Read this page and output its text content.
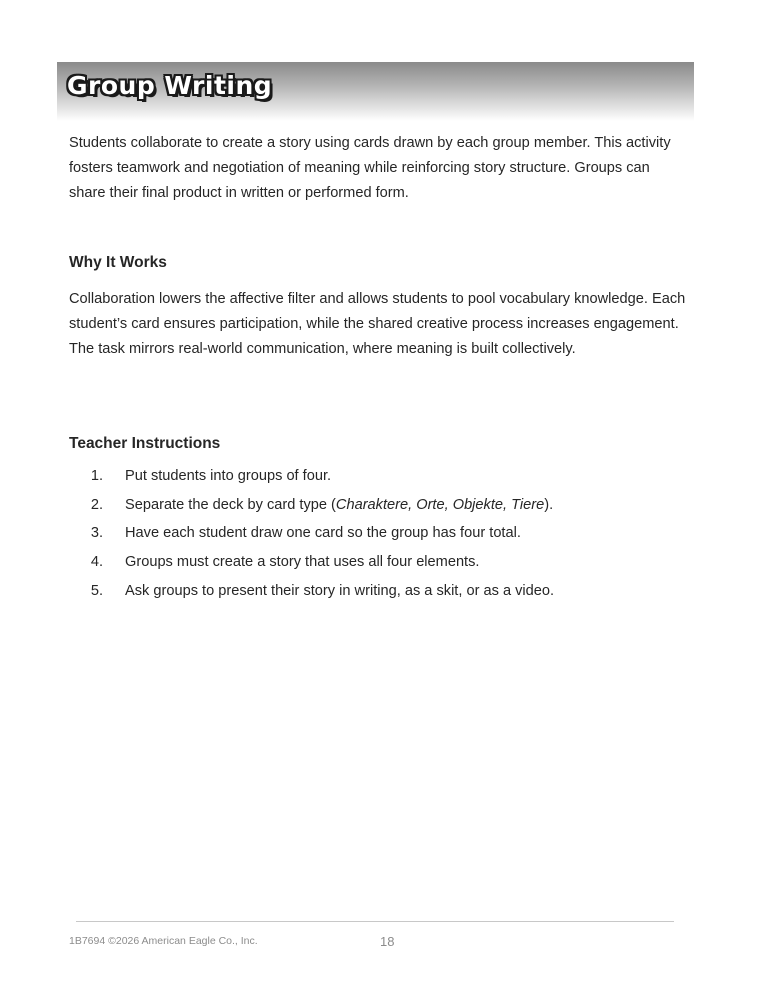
Group Writing

Students collaborate to create a story using cards drawn by each group member. This activity fosters teamwork and negotiation of meaning while reinforcing story structure. Groups can share their final product in written or performed form.

Why It Works

Collaboration lowers the affective filter and allows students to pool vocabulary knowledge. Each student’s card ensures participation, while the shared creative process increases engagement. The task mirrors real-world communication, where meaning is built collectively.

Teacher Instructions
1.	Put students into groups of four.
2.	Separate the deck by card type (Charaktere, Orte, Objekte, Tiere).
3.	Have each student draw one card so the group has four total.
4.	Groups must create a story that uses all four elements.
5.	Ask groups to present their story in writing, as a skit, or as a video.
1B7694 ©2026 American Eagle Co., Inc.	18
